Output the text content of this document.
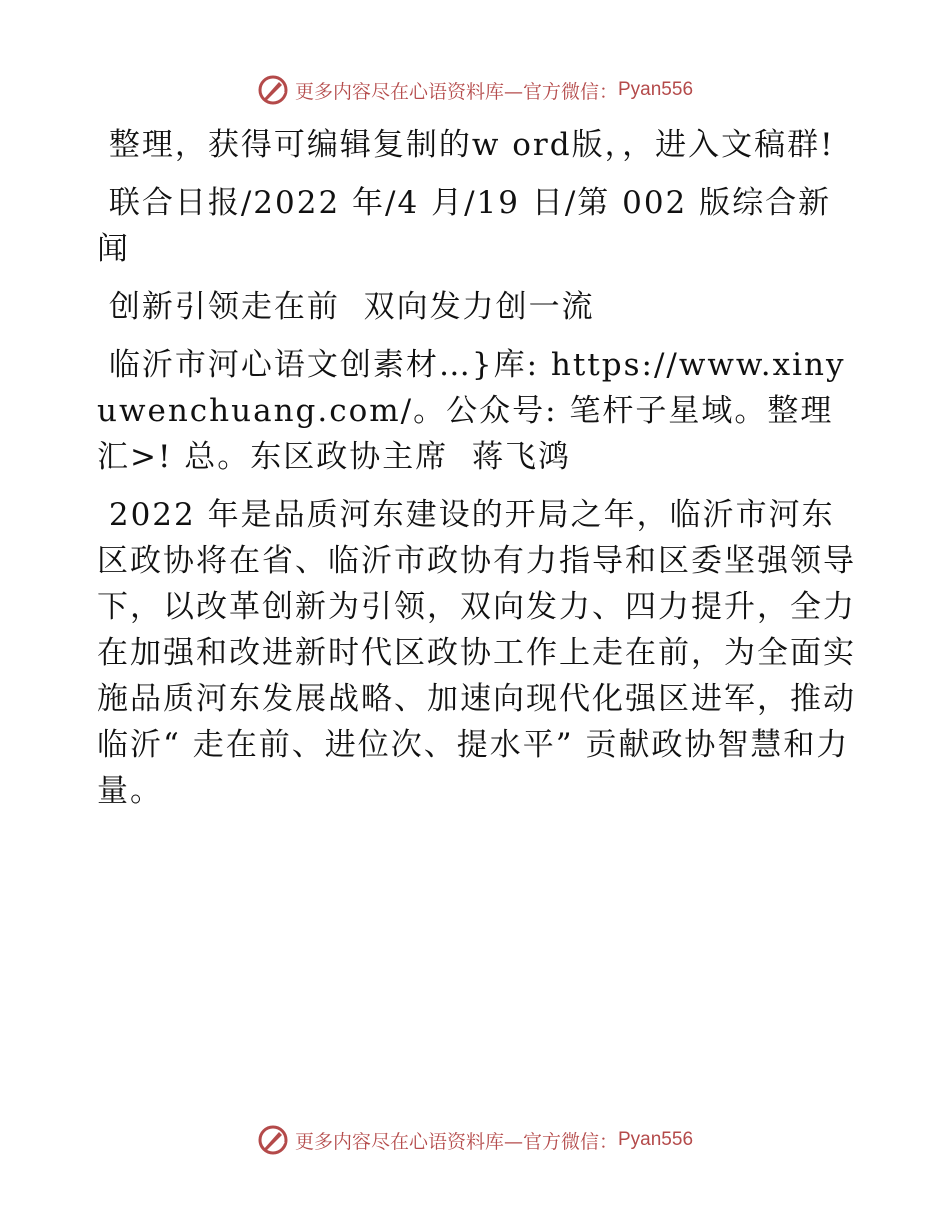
更多内容尽在心语资料库—官方微信： Pyan556

整理，获得可编辑复制的w ord版，，进入文稿群!

联合日报/2022 年/4 月/19 日/第 002 版综合新闻

创新引领走在前  双向发力创一流

临沂市河心语文创素材…}库: https://www.xinyuwenchuang.com/。公众号: 笔杆子星域。整理汇>! 总。东区政协主席  蒋飞鸿

2022 年是品质河东建设的开局之年，临沂市河东区政协将在省、临沂市政协有力指导和区委坚强领导下，以改革创新为引领，双向发力、四力提升，全力在加强和改进新时代区政协工作上走在前，为全面实施品质河东发展战略、加速向现代化强区进军，推动临沂“ 走在前、进位次、提水平” 贡献政协智慧和力量。

更多内容尽在心语资料库—官方微信： Pyan556
